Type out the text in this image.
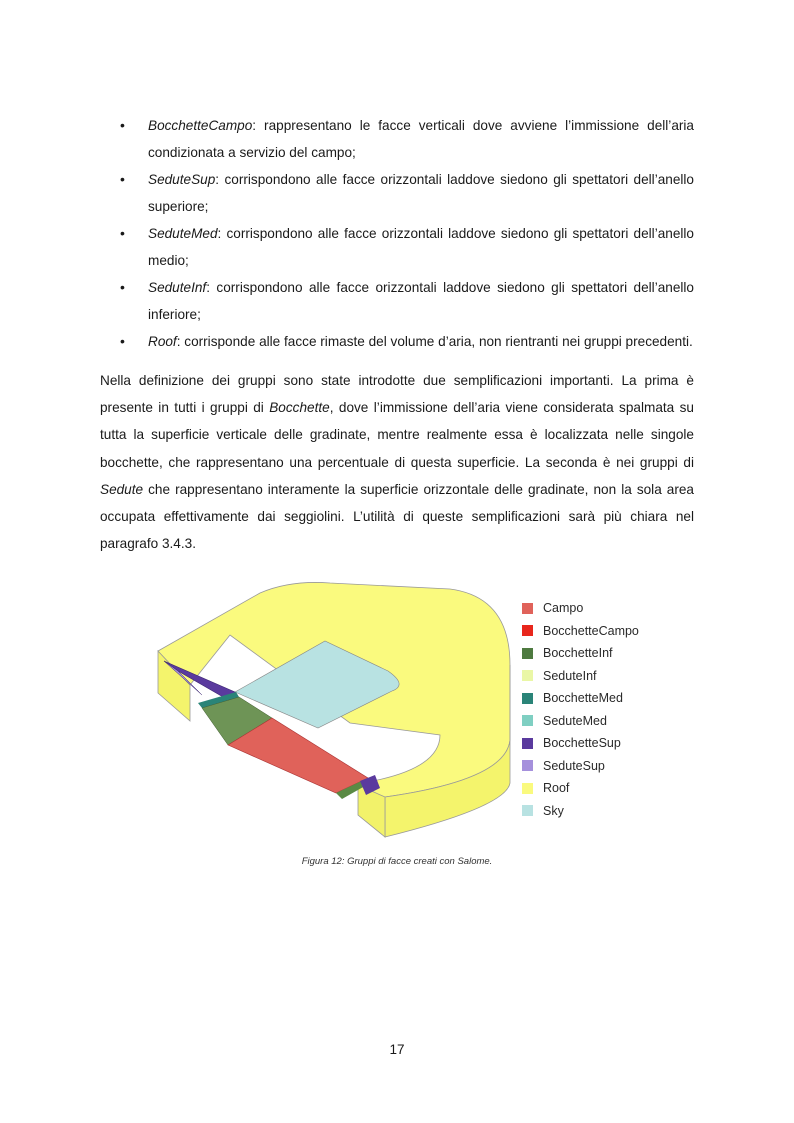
• BocchetteCampo: rappresentano le facce verticali dove avviene l’immissione dell’aria condizionata a servizio del campo;
• SeduteSup: corrispondono alle facce orizzontali laddove siedono gli spettatori dell’anello superiore;
• SeduteMed: corrispondono alle facce orizzontali laddove siedono gli spettatori dell’anello medio;
• SeduteInf: corrispondono alle facce orizzontali laddove siedono gli spettatori dell’anello inferiore;
• Roof: corrisponde alle facce rimaste del volume d’aria, non rientranti nei gruppi precedenti.
Nella definizione dei gruppi sono state introdotte due semplificazioni importanti. La prima è presente in tutti i gruppi di Bocchette, dove l’immissione dell’aria viene considerata spalmata su tutta la superficie verticale delle gradinate, mentre realmente essa è localizzata nelle singole bocchette, che rappresentano una percentuale di questa superficie. La seconda è nei gruppi di Sedute che rappresentano interamente la superficie orizzontale delle gradinate, non la sola area occupata effettivamente dai seggiolini. L’utilità di queste semplificazioni sarà più chiara nel paragrafo 3.4.3.
Campo
BocchetteCampo
BocchetteInf
SeduteInf
BocchetteMed
SeduteMed
BocchetteSup
SeduteSup
Roof
Sky
Figura 12: Gruppi di facce creati con Salome.
17
